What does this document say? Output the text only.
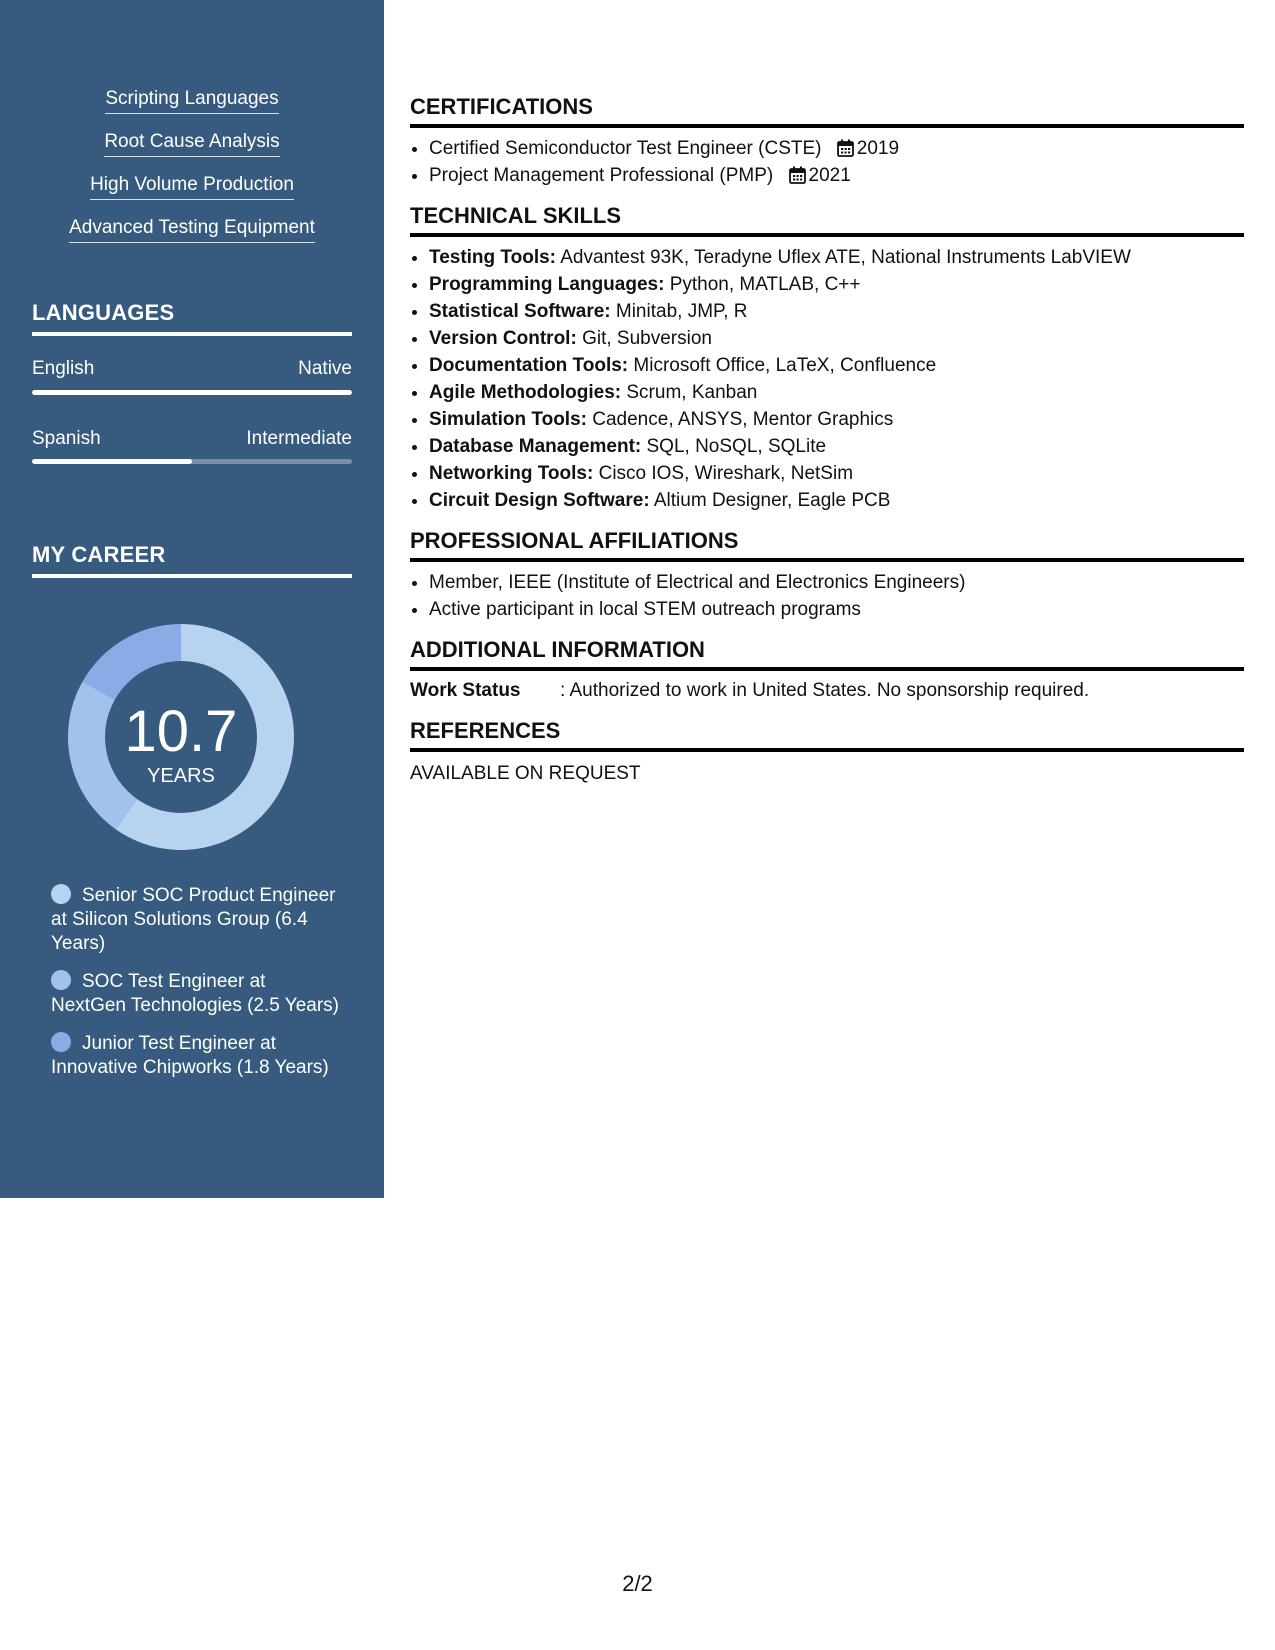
Scripting Languages
Root Cause Analysis
High Volume Production
Advanced Testing Equipment
LANGUAGES
English	Native
Spanish	Intermediate
MY CAREER
10.7
YEARS
Senior SOC Product Engineer at Silicon Solutions Group (6.4 Years)
SOC Test Engineer at NextGen Technologies (2.5 Years)
Junior Test Engineer at Innovative Chipworks (1.8 Years)
CERTIFICATIONS
• Certified Semiconductor Test Engineer (CSTE) 2019
• Project Management Professional (PMP) 2021
TECHNICAL SKILLS
• Testing Tools: Advantest 93K, Teradyne Uflex ATE, National Instruments LabVIEW
• Programming Languages: Python, MATLAB, C++
• Statistical Software: Minitab, JMP, R
• Version Control: Git, Subversion
• Documentation Tools: Microsoft Office, LaTeX, Confluence
• Agile Methodologies: Scrum, Kanban
• Simulation Tools: Cadence, ANSYS, Mentor Graphics
• Database Management: SQL, NoSQL, SQLite
• Networking Tools: Cisco IOS, Wireshark, NetSim
• Circuit Design Software: Altium Designer, Eagle PCB
PROFESSIONAL AFFILIATIONS
• Member, IEEE (Institute of Electrical and Electronics Engineers)
• Active participant in local STEM outreach programs
ADDITIONAL INFORMATION
Work Status	: Authorized to work in United States. No sponsorship required.
REFERENCES
AVAILABLE ON REQUEST
2/2
